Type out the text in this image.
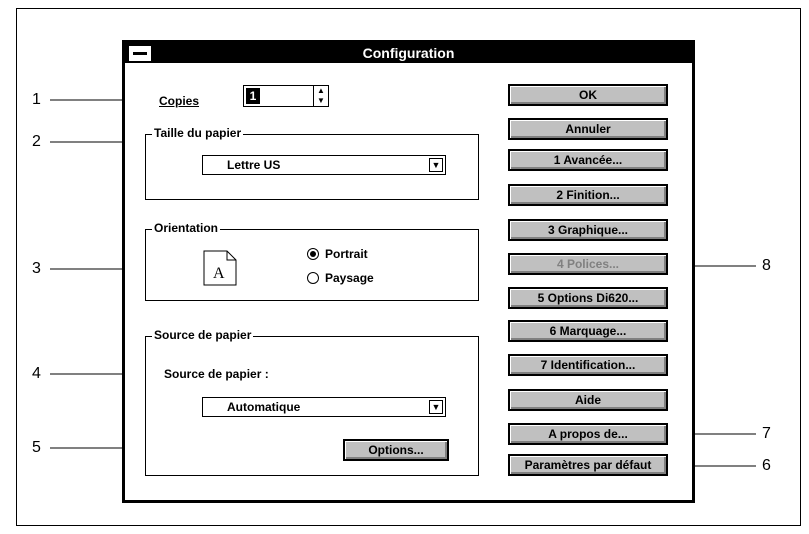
1
2
3
4
5
6
7
8
Configuration
Copies	1	▲
▼
Taille du papier
Lettre US	▼
Orientation
A
Portrait
Paysage
Source de papier
Source de papier :
Automatique	▼
Options...
OK
Annuler
1 Avancée...
2 Finition...
3 Graphique...
4 Polices...
5 Options Di620...
6 Marquage...
7 Identification...
Aide
A propos de...
Paramètres par défaut
